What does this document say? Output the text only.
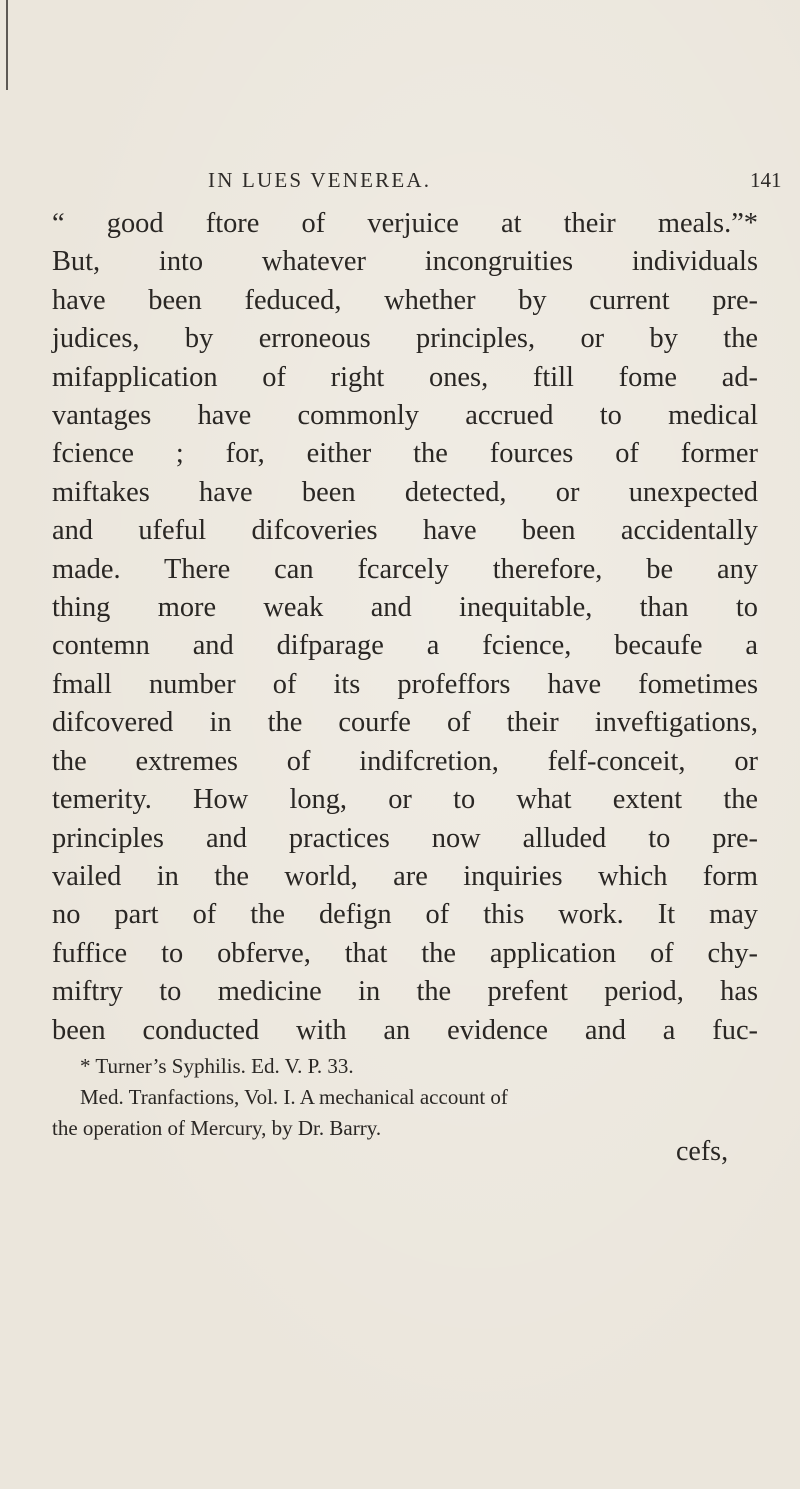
IN LUES VENEREA.	141
“ good ftore of verjuice at their meals.”*
But, into whatever incongruities individuals
have been feduced, whether by current pre-
judices, by erroneous principles, or by the
mifapplication of right ones, ftill fome ad-
vantages have commonly accrued to medical
fcience ; for, either the fources of former
miftakes have been detected, or unexpected
and ufeful difcoveries have been accidentally
made. There can fcarcely therefore, be any
thing more weak and inequitable, than to
contemn and difparage a fcience, becaufe a
fmall number of its profeffors have fometimes
difcovered in the courfe of their inveftigations,
the extremes of indifcretion, felf-conceit, or
temerity. How long, or to what extent the
principles and practices now alluded to pre-
vailed in the world, are inquiries which form
no part of the defign of this work. It may
fuffice to obferve, that the application of chy-
miftry to medicine in the prefent period, has
been conducted with an evidence and a fuc-
* Turner’s Syphilis. Ed. V. P. 33.
Med. Tranfactions, Vol. I. A mechanical account of
the operation of Mercury, by Dr. Barry.
cefs,
